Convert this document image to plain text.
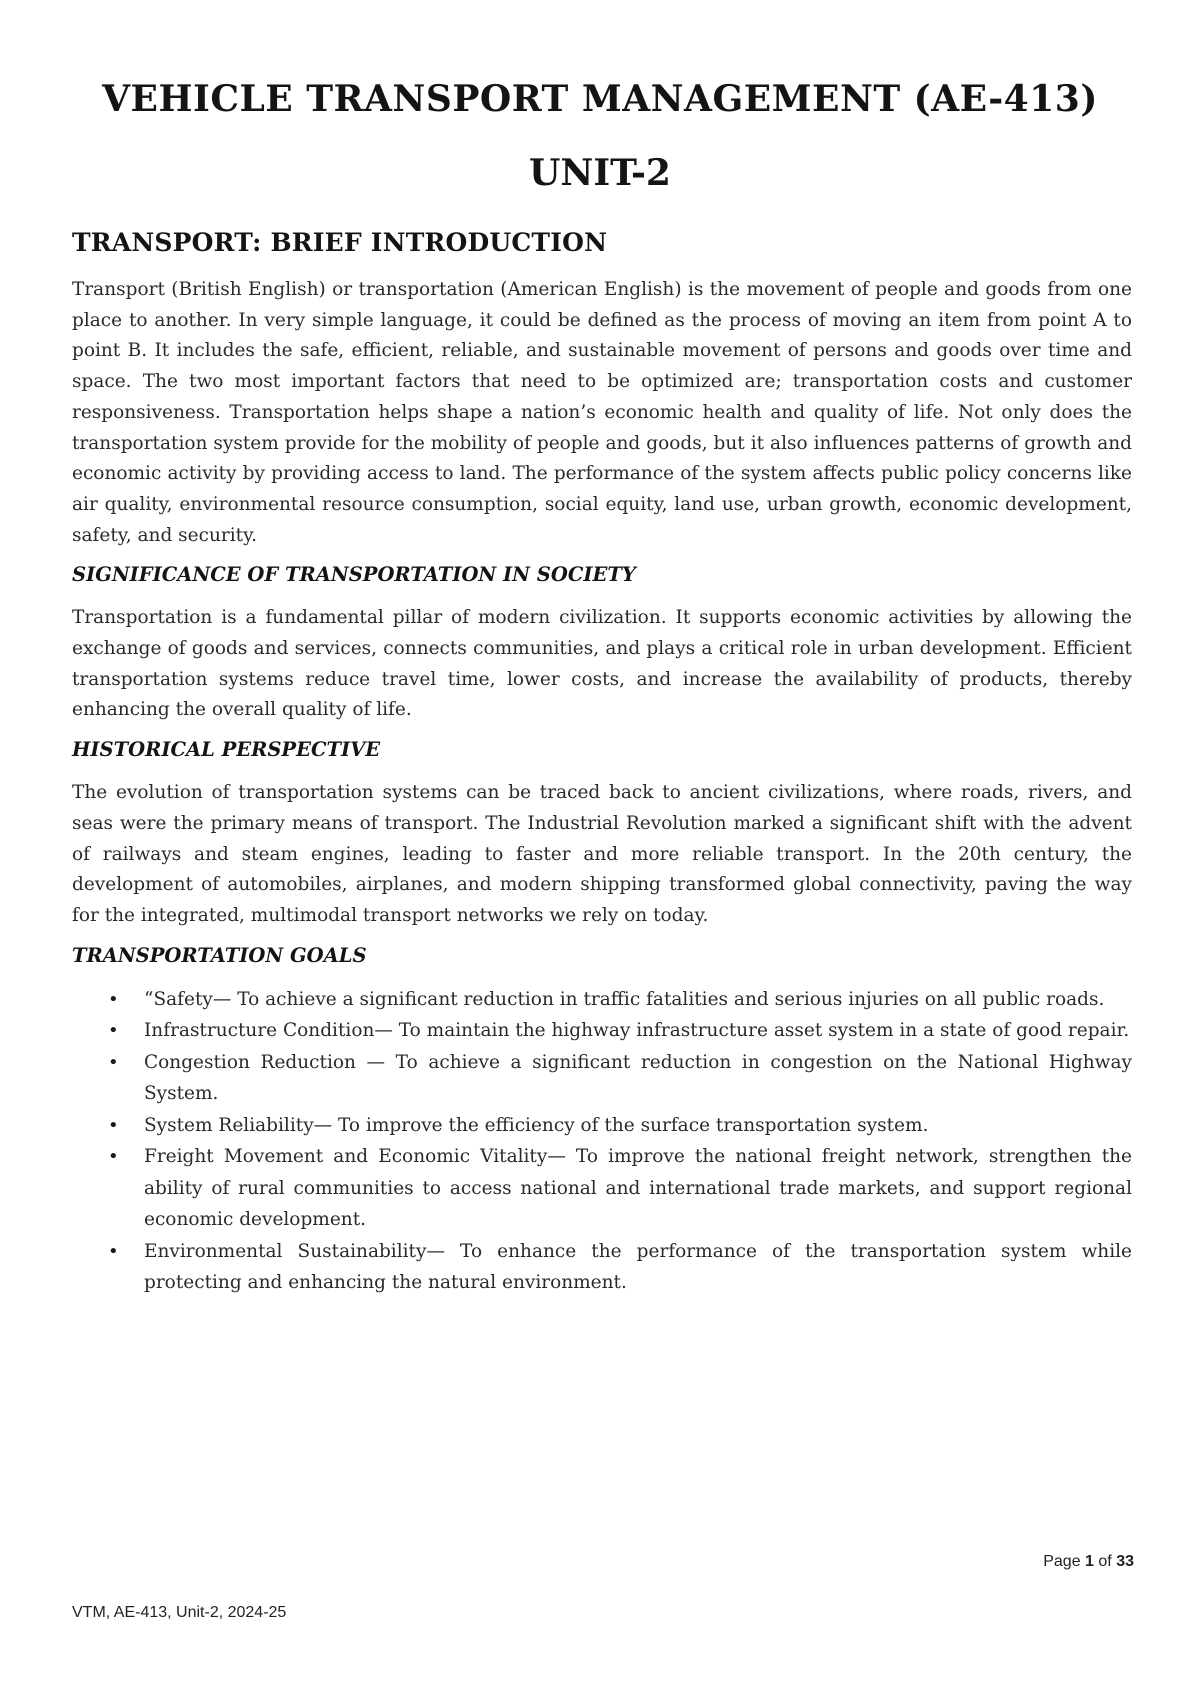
VEHICLE TRANSPORT MANAGEMENT (AE-413)
UNIT-2
TRANSPORT: BRIEF INTRODUCTION

Transport (British English) or transportation (American English) is the movement of people and goods from one place to another. In very simple language, it could be defined as the process of moving an item from point A to point B. It includes the safe, efficient, reliable, and sustainable movement of persons and goods over time and space. The two most important factors that need to be optimized are; transportation costs and customer responsiveness. Transportation helps shape a nation’s economic health and quality of life. Not only does the transportation system provide for the mobility of people and goods, but it also influences patterns of growth and economic activity by providing access to land. The performance of the system affects public policy concerns like air quality, environmental resource consumption, social equity, land use, urban growth, economic development, safety, and security.

SIGNIFICANCE OF TRANSPORTATION IN SOCIETY

Transportation is a fundamental pillar of modern civilization. It supports economic activities by allowing the exchange of goods and services, connects communities, and plays a critical role in urban development. Efficient transportation systems reduce travel time, lower costs, and increase the availability of products, thereby enhancing the overall quality of life.

HISTORICAL PERSPECTIVE

The evolution of transportation systems can be traced back to ancient civilizations, where roads, rivers, and seas were the primary means of transport. The Industrial Revolution marked a significant shift with the advent of railways and steam engines, leading to faster and more reliable transport. In the 20th century, the development of automobiles, airplanes, and modern shipping transformed global connectivity, paving the way for the integrated, multimodal transport networks we rely on today.

TRANSPORTATION GOALS
• “Safety— To achieve a significant reduction in traffic fatalities and serious injuries on all public roads.
• Infrastructure Condition— To maintain the highway infrastructure asset system in a state of good repair.
• Congestion Reduction — To achieve a significant reduction in congestion on the National Highway System.
• System Reliability— To improve the efficiency of the surface transportation system.
• Freight Movement and Economic Vitality— To improve the national freight network, strengthen the ability of rural communities to access national and international trade markets, and support regional economic development.
• Environmental Sustainability— To enhance the performance of the transportation system while protecting and enhancing the natural environment.
Page 1 of 33
VTM, AE-413, Unit-2, 2024-25
